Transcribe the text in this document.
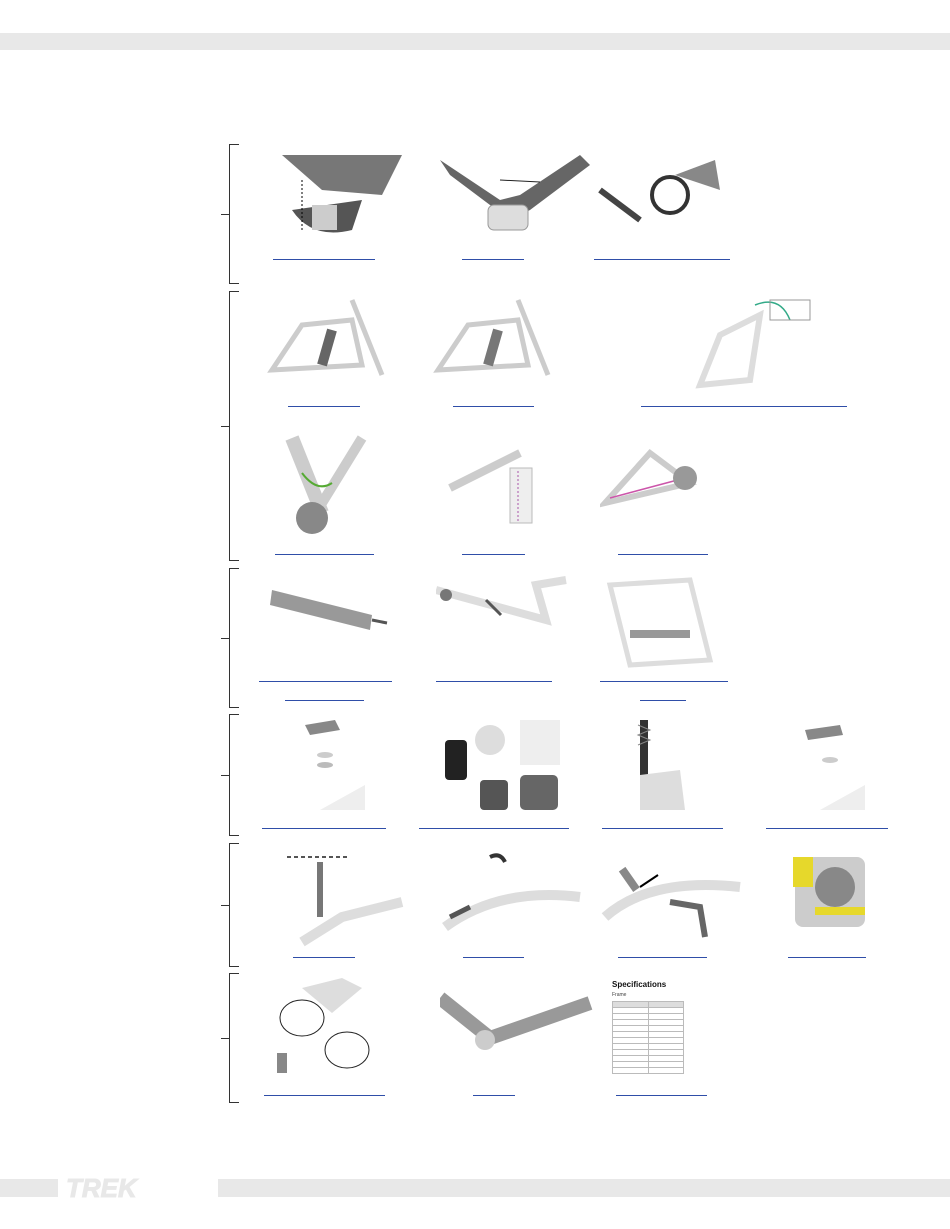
Specifications
Frame

TREK
